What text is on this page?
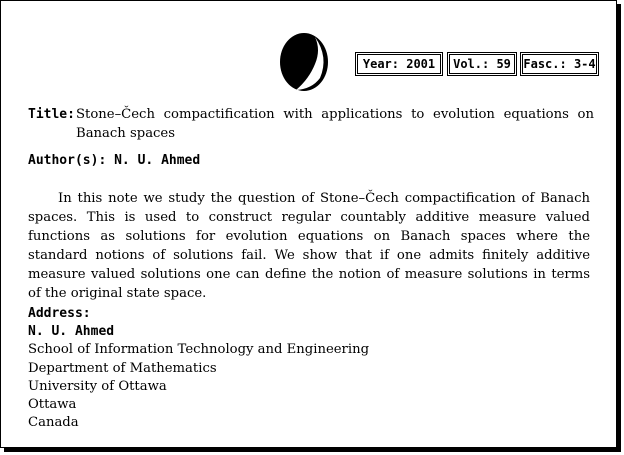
Year: 2001	Vol.: 59	Fasc.: 3-4
Title: Stone–Čech compactification with applications to evolution equations on Banach spaces
Author(s): N. U. Ahmed
In this note we study the question of Stone–Čech compactification of Banach spaces. This is used to construct regular countably additive measure valued functions as solutions for evolution equations on Banach spaces where the standard notions of solutions fail. We show that if one admits finitely additive measure valued solutions one can define the notion of measure solutions in terms of the original state space.
Address:
N. U. Ahmed
School of Information Technology and Engineering
Department of Mathematics
University of Ottawa
Ottawa
Canada
